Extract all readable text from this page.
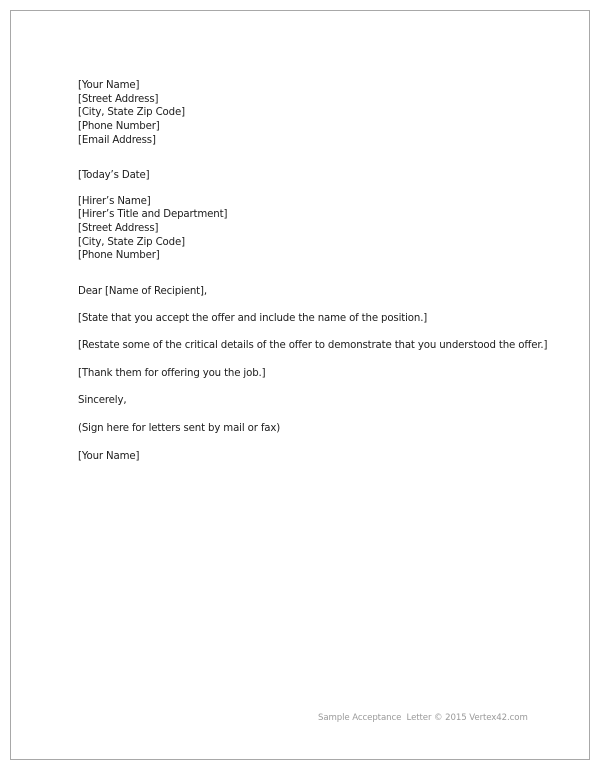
[Your Name]
[Street Address]
[City, State Zip Code]
[Phone Number]
[Email Address]
[Today’s Date]
[Hirer’s Name]
[Hirer’s Title and Department]
[Street Address]
[City, State Zip Code]
[Phone Number]
Dear [Name of Recipient],
[State that you accept the offer and include the name of the position.]
[Restate some of the critical details of the offer to demonstrate that you understood the offer.]
[Thank them for offering you the job.]
Sincerely,
(Sign here for letters sent by mail or fax)
[Your Name]
Sample Acceptance  Letter © 2015 Vertex42.com
